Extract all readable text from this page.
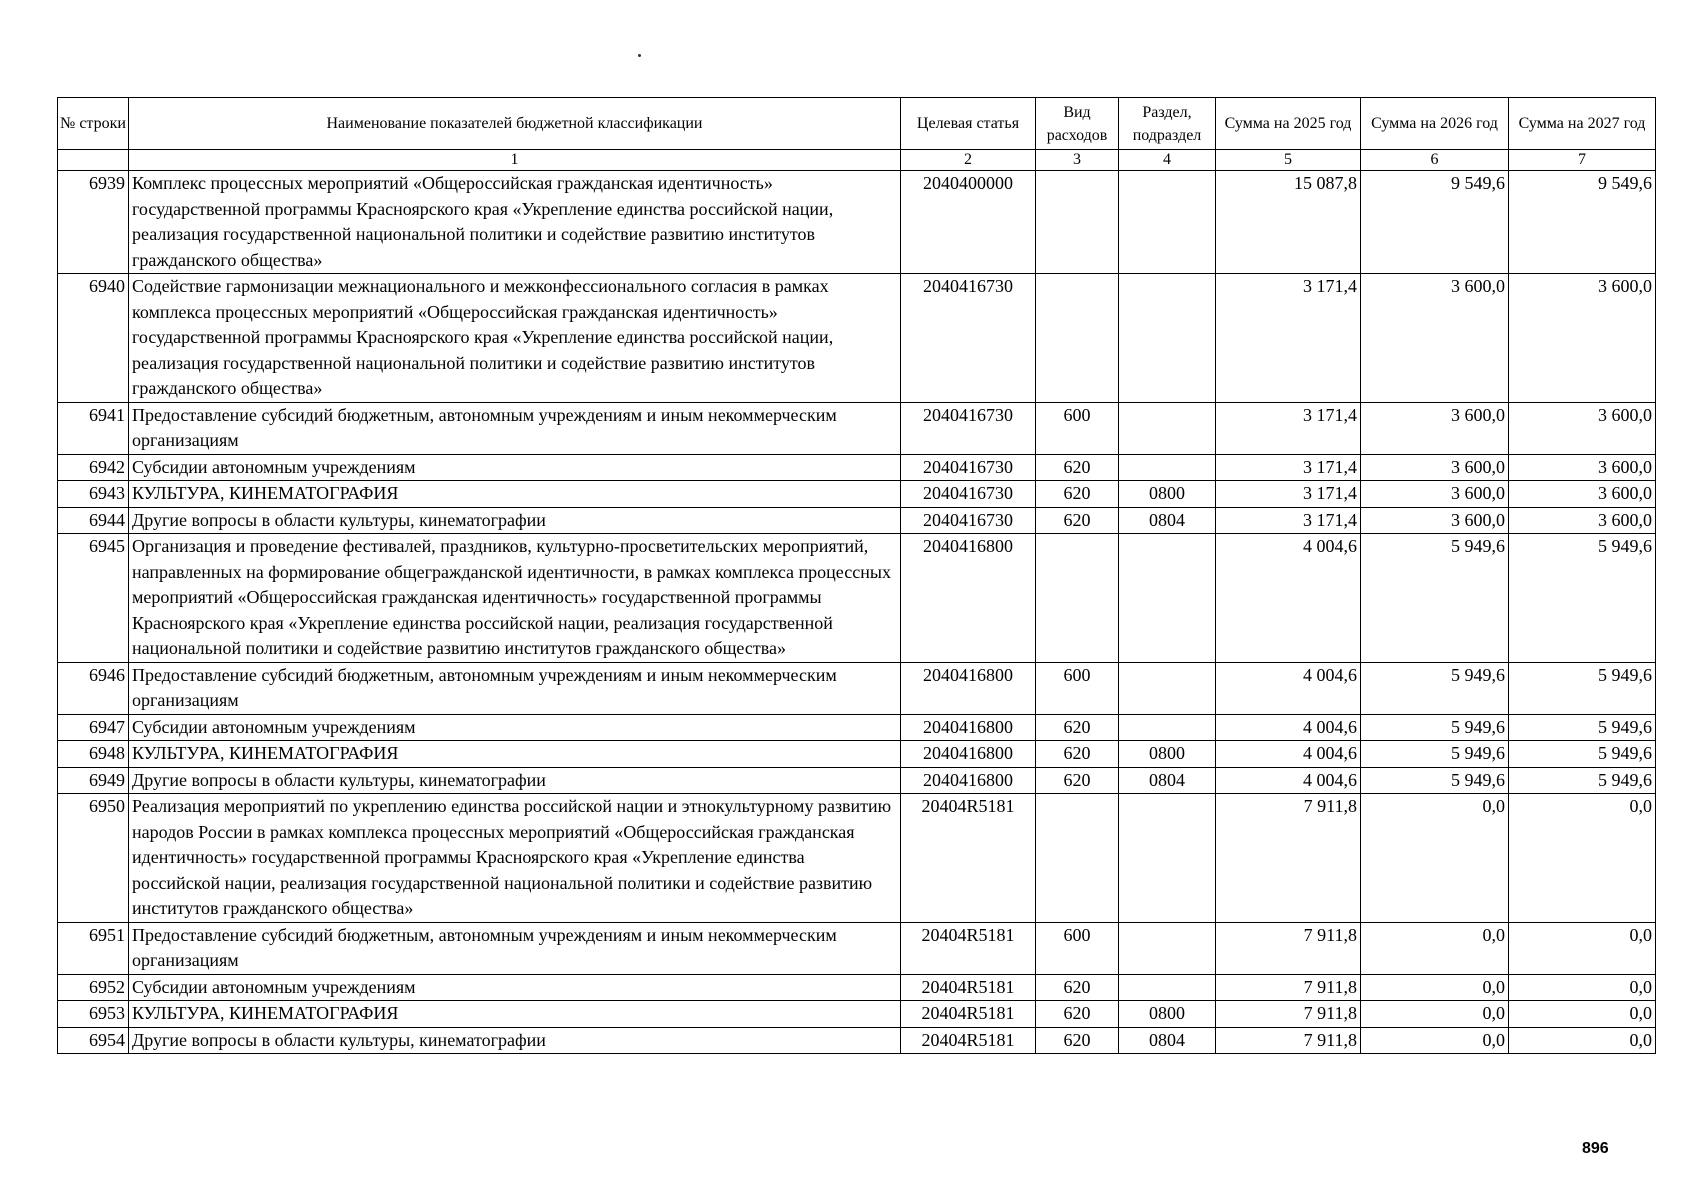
№ строки	Наименование показателей бюджетной классификации	Целевая статья	Вид расходов	Раздел, подраздел	Сумма на 2025 год	Сумма на 2026 год	Сумма на 2027 год
	1	2	3	4	5	6	7
6939	Комплекс процессных мероприятий «Общероссийская гражданская идентичность» государственной программы Красноярского края «Укрепление единства российской нации, реализация государственной национальной политики и содействие развитию институтов гражданского общества»	2040400000			15 087,8	9 549,6	9 549,6
6940	Содействие гармонизации межнационального и межконфессионального согласия в рамках комплекса процессных мероприятий «Общероссийская гражданская идентичность» государственной программы Красноярского края «Укрепление единства российской нации, реализация государственной национальной политики и содействие развитию институтов гражданского общества»	2040416730			3 171,4	3 600,0	3 600,0
6941	Предоставление субсидий бюджетным, автономным учреждениям и иным некоммерческим организациям	2040416730	600		3 171,4	3 600,0	3 600,0
6942	Субсидии автономным учреждениям	2040416730	620		3 171,4	3 600,0	3 600,0
6943	КУЛЬТУРА, КИНЕМАТОГРАФИЯ	2040416730	620	0800	3 171,4	3 600,0	3 600,0
6944	Другие вопросы в области культуры, кинематографии	2040416730	620	0804	3 171,4	3 600,0	3 600,0
6945	Организация и проведение фестивалей, праздников, культурно-просветительских мероприятий, направленных на формирование общегражданской идентичности, в рамках комплекса процессных мероприятий «Общероссийская гражданская идентичность» государственной программы Красноярского края «Укрепление единства российской нации, реализация государственной национальной политики и содействие развитию институтов гражданского общества»	2040416800			4 004,6	5 949,6	5 949,6
6946	Предоставление субсидий бюджетным, автономным учреждениям и иным некоммерческим организациям	2040416800	600		4 004,6	5 949,6	5 949,6
6947	Субсидии автономным учреждениям	2040416800	620		4 004,6	5 949,6	5 949,6
6948	КУЛЬТУРА, КИНЕМАТОГРАФИЯ	2040416800	620	0800	4 004,6	5 949,6	5 949,6
6949	Другие вопросы в области культуры, кинематографии	2040416800	620	0804	4 004,6	5 949,6	5 949,6
6950	Реализация мероприятий по укреплению единства российской нации и этнокультурному развитию народов России в рамках комплекса процессных мероприятий «Общероссийская гражданская идентичность» государственной программы Красноярского края «Укрепление единства российской нации, реализация государственной национальной политики и содействие развитию институтов гражданского общества»	20404R5181			7 911,8	0,0	0,0
6951	Предоставление субсидий бюджетным, автономным учреждениям и иным некоммерческим организациям	20404R5181	600		7 911,8	0,0	0,0
6952	Субсидии автономным учреждениям	20404R5181	620		7 911,8	0,0	0,0
6953	КУЛЬТУРА, КИНЕМАТОГРАФИЯ	20404R5181	620	0800	7 911,8	0,0	0,0
6954	Другие вопросы в области культуры, кинематографии	20404R5181	620	0804	7 911,8	0,0	0,0
896
